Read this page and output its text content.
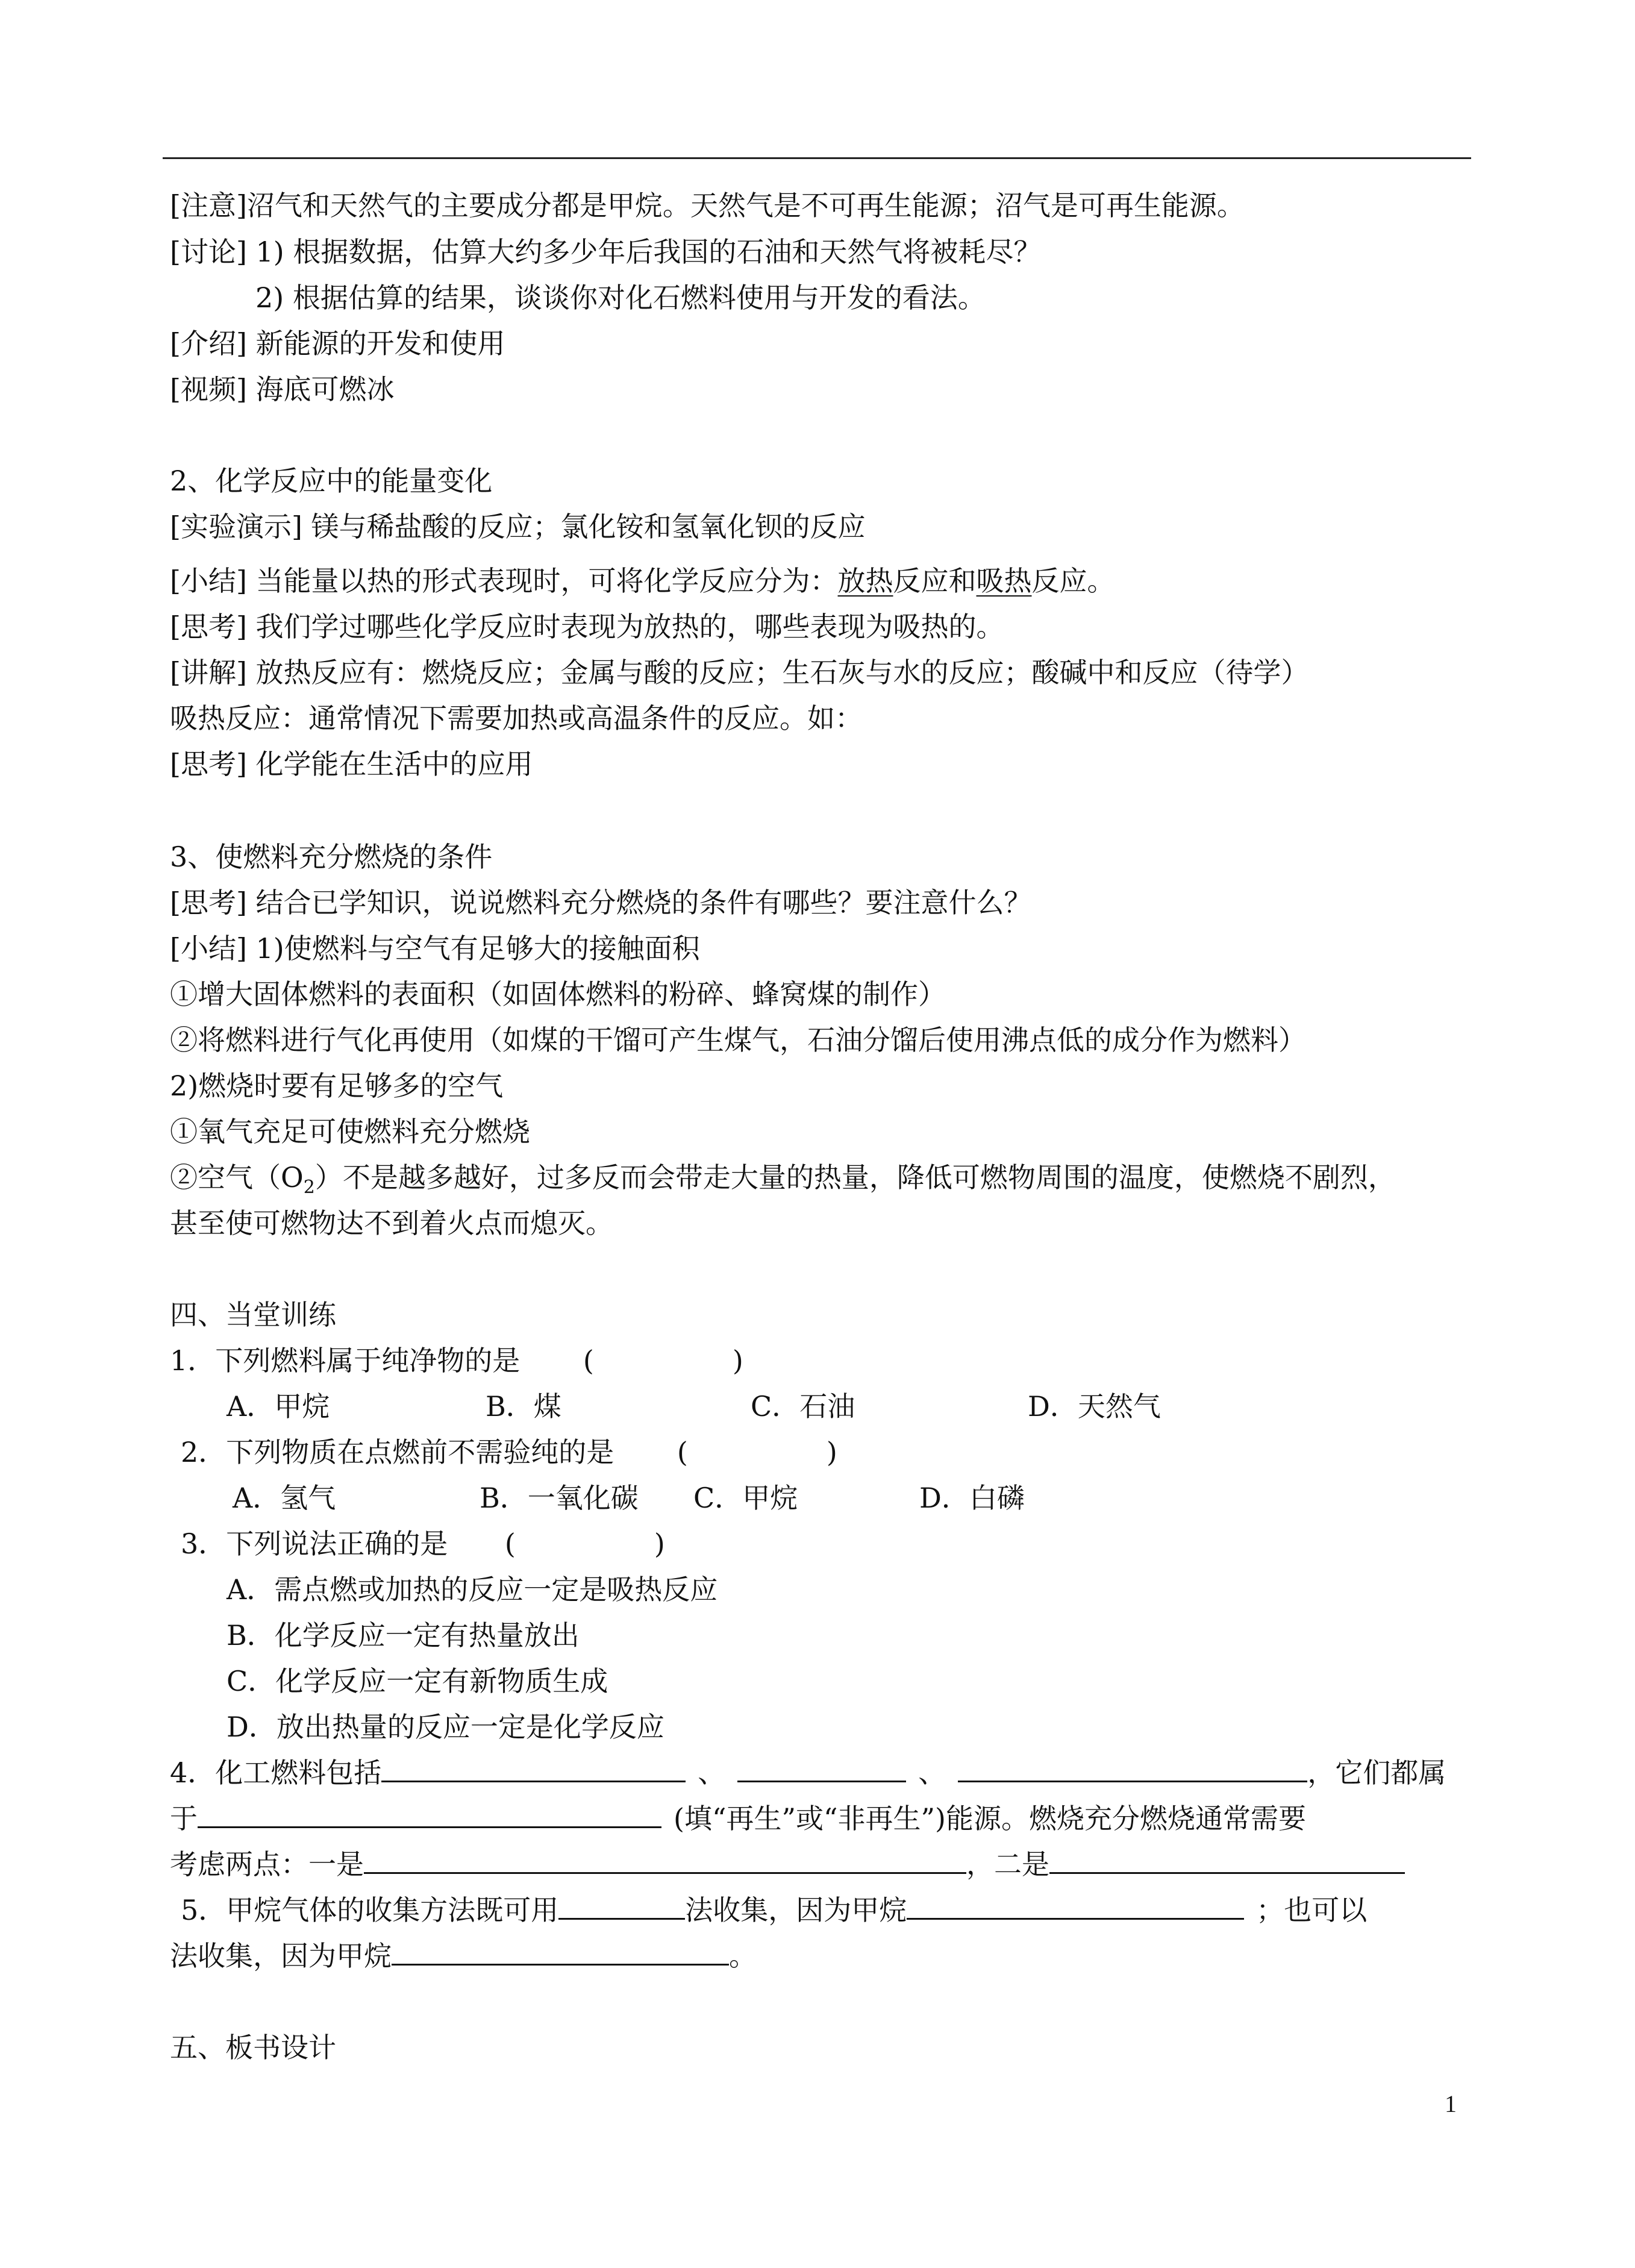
[注意]沼气和天然气的主要成分都是甲烷。天然气是不可再生能源；沼气是可再生能源。
[讨论] 1) 根据数据，估算大约多少年后我国的石油和天然气将被耗尽？
2) 根据估算的结果，谈谈你对化石燃料使用与开发的看法。
[介绍] 新能源的开发和使用
[视频] 海底可燃冰
2、化学反应中的能量变化
[实验演示] 镁与稀盐酸的反应；氯化铵和氢氧化钡的反应
[小结] 当能量以热的形式表现时，可将化学反应分为：放热反应和吸热反应。
[思考] 我们学过哪些化学反应时表现为放热的，哪些表现为吸热的。
[讲解] 放热反应有：燃烧反应；金属与酸的反应；生石灰与水的反应；酸碱中和反应（待学）
吸热反应：通常情况下需要加热或高温条件的反应。如：
[思考] 化学能在生活中的应用
3、使燃料充分燃烧的条件
[思考] 结合已学知识，说说燃料充分燃烧的条件有哪些？要注意什么？
[小结] 1)使燃料与空气有足够大的接触面积
①增大固体燃料的表面积（如固体燃料的粉碎、蜂窝煤的制作）
②将燃料进行气化再使用（如煤的干馏可产生煤气，石油分馏后使用沸点低的成分作为燃料）
2)燃烧时要有足够多的空气
①氧气充足可使燃料充分燃烧
②空气$(O_2)$不是越多越好，过多反而会带走大量的热量，降低可燃物周围的温度，使燃烧不剧烈，
甚至使可燃物达不到着火点而熄灭。
四、当堂训练
1．下列燃料属于纯净物的是 (　　　　　)
A．甲烷	B．煤	C．石油	D．天然气
2．下列物质在点燃前不需验纯的是 (　　　　　)
A．氢气	B．一氧化碳 C．甲烷	D．白磷
3．下列说法正确的是 (　　　　　)
A．需点燃或加热的反应一定是吸热反应
B．化学反应一定有热量放出
C．化学反应一定有新物质生成
D．放出热量的反应一定是化学反应
4．化工燃料包括	、	、	，它们都属
于	(填“再生”或“非再生”)能源。燃烧充分燃烧通常需要
考虑两点：一是	，二是
5．甲烷气体的收集方法既可用	法收集，因为甲烷	；也可以
法收集，因为甲烷	。
五、板书设计
1
